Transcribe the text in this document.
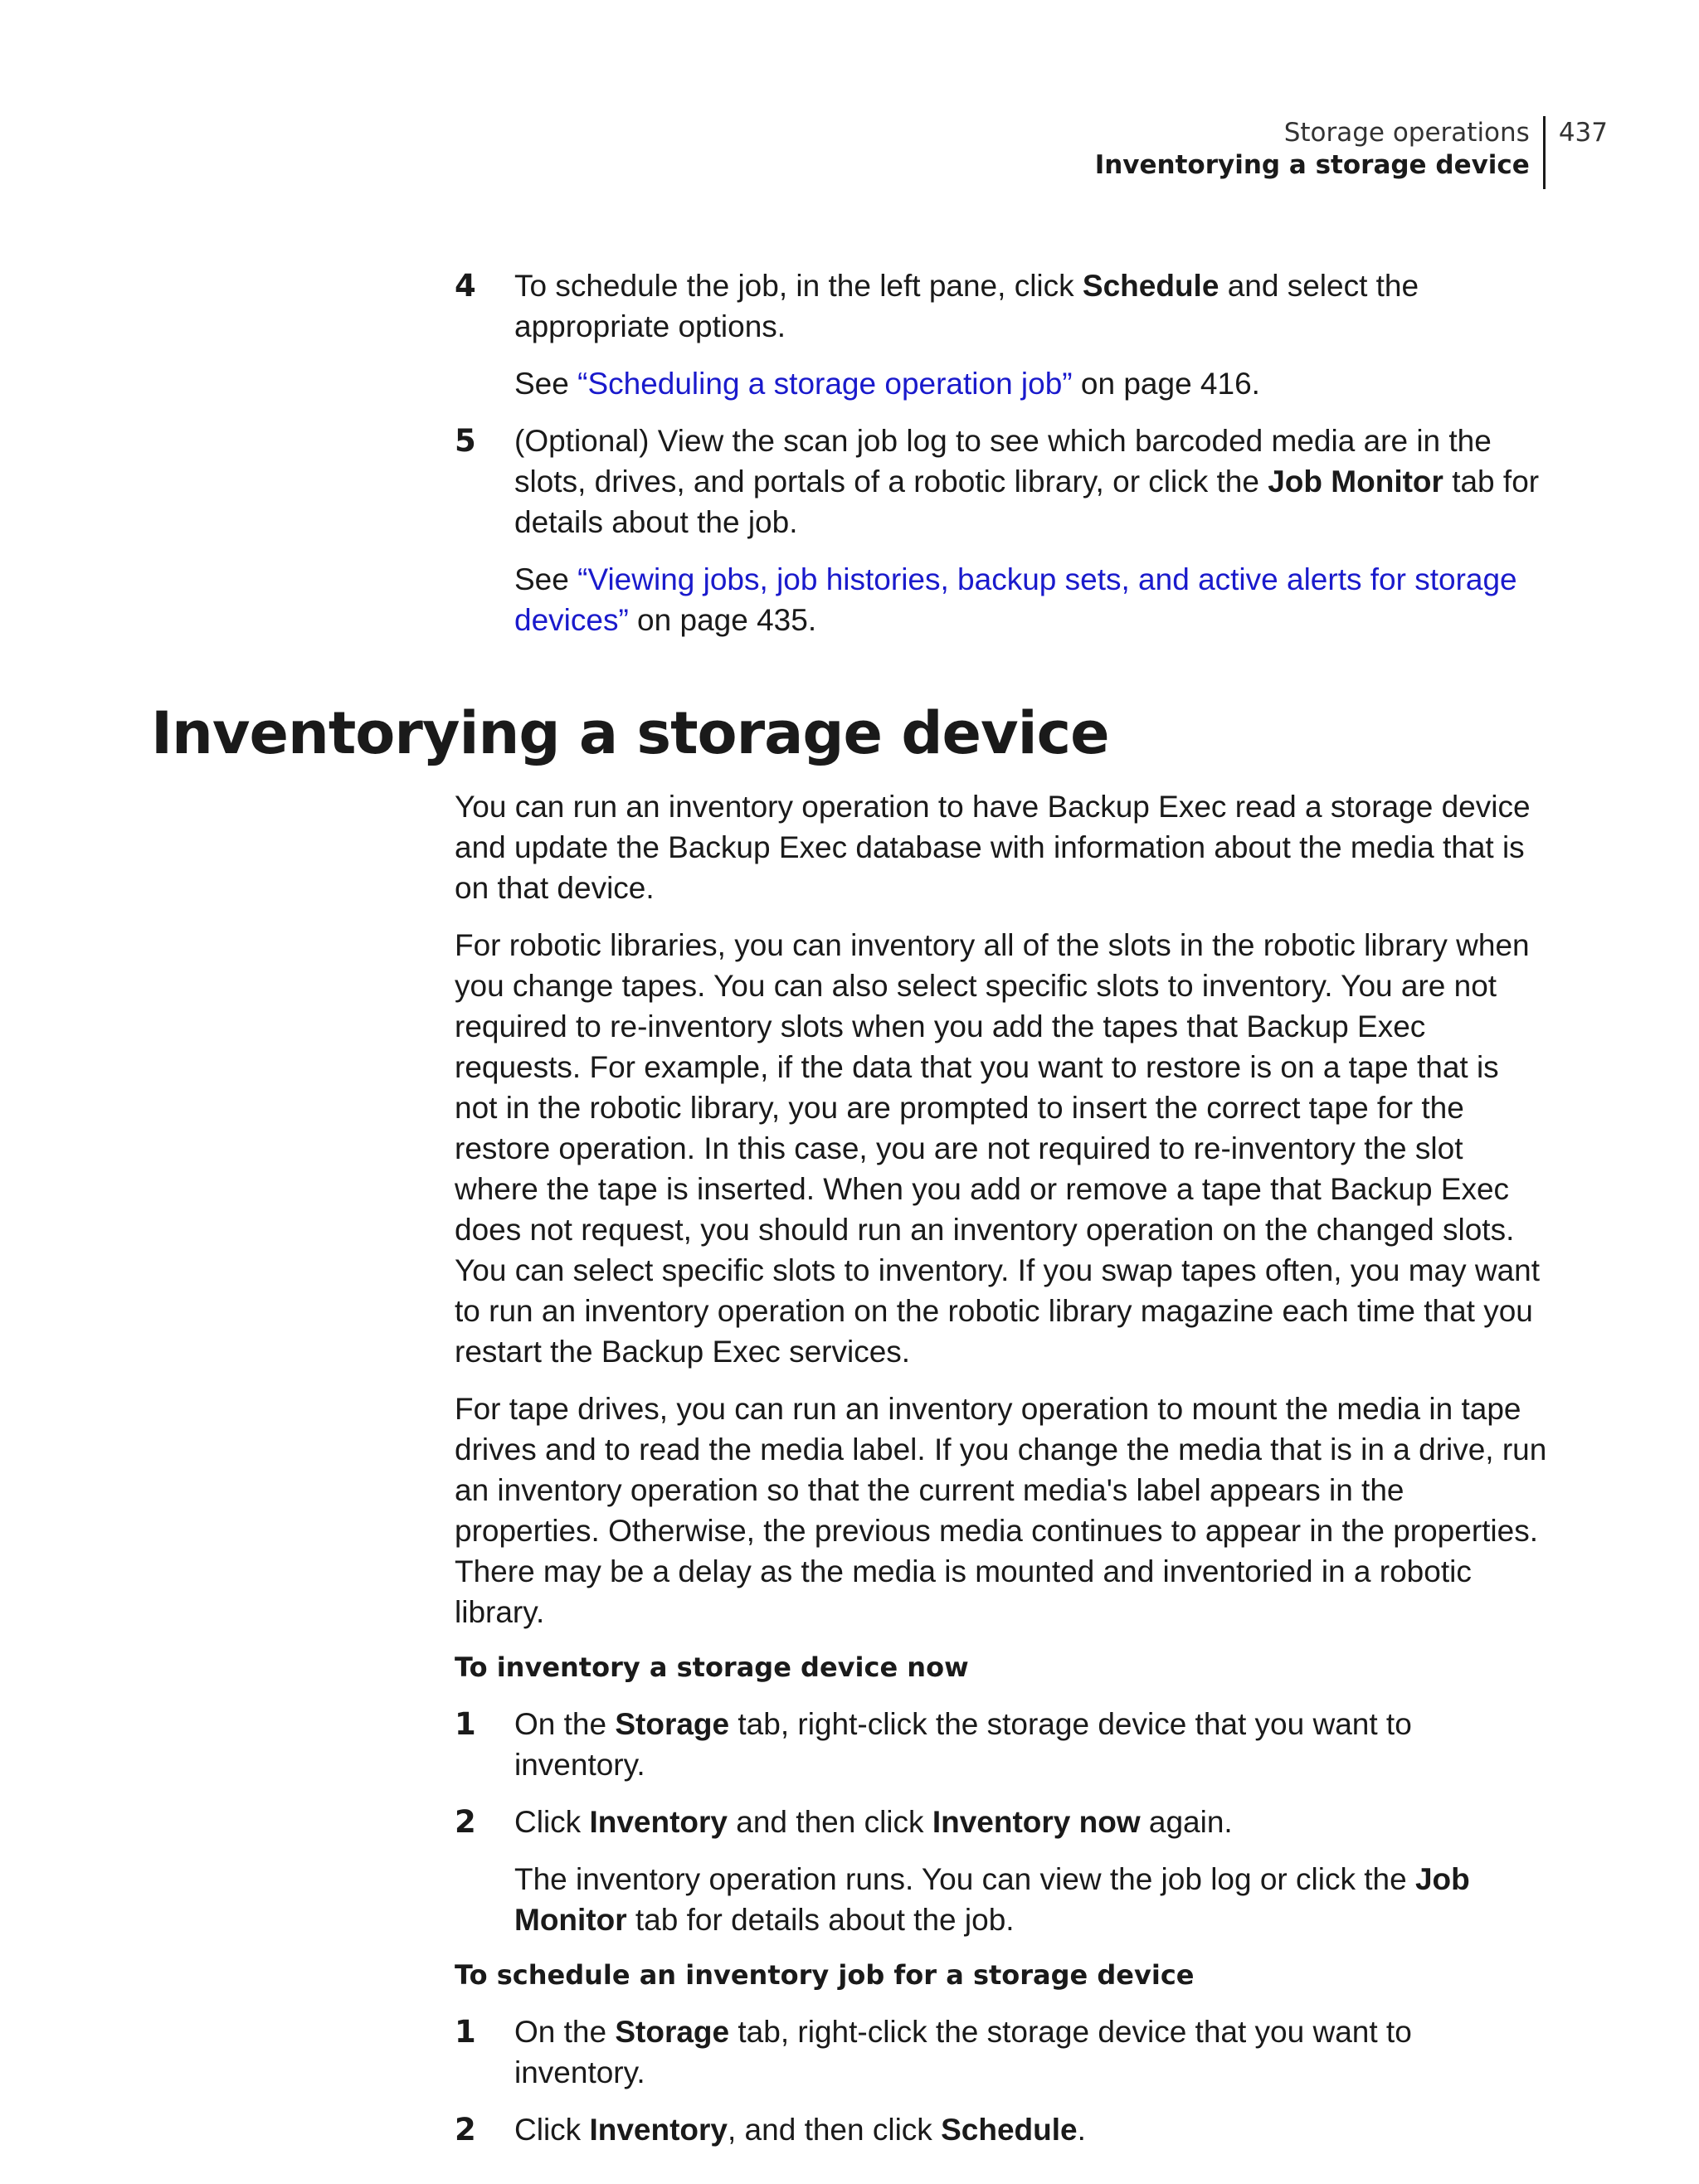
Storage operations
Inventorying a storage device
437
4	To schedule the job, in the left pane, click Schedule and select the appropriate options.
See “Scheduling a storage operation job” on page 416.
5	(Optional) View the scan job log to see which barcoded media are in the slots, drives, and portals of a robotic library, or click the Job Monitor tab for details about the job.
See “Viewing jobs, job histories, backup sets, and active alerts for storage devices” on page 435.
Inventorying a storage device
You can run an inventory operation to have Backup Exec read a storage device and update the Backup Exec database with information about the media that is on that device.
For robotic libraries, you can inventory all of the slots in the robotic library when you change tapes. You can also select specific slots to inventory. You are not required to re-inventory slots when you add the tapes that Backup Exec requests. For example, if the data that you want to restore is on a tape that is not in the robotic library, you are prompted to insert the correct tape for the restore operation. In this case, you are not required to re-inventory the slot where the tape is inserted. When you add or remove a tape that Backup Exec does not request, you should run an inventory operation on the changed slots. You can select specific slots to inventory. If you swap tapes often, you may want to run an inventory operation on the robotic library magazine each time that you restart the Backup Exec services.
For tape drives, you can run an inventory operation to mount the media in tape drives and to read the media label. If you change the media that is in a drive, run an inventory operation so that the current media's label appears in the properties. Otherwise, the previous media continues to appear in the properties. There may be a delay as the media is mounted and inventoried in a robotic library.
To inventory a storage device now
1	On the Storage tab, right-click the storage device that you want to inventory.
2	Click Inventory and then click Inventory now again.
The inventory operation runs. You can view the job log or click the Job Monitor tab for details about the job.
To schedule an inventory job for a storage device
1	On the Storage tab, right-click the storage device that you want to inventory.
2	Click Inventory, and then click Schedule.
